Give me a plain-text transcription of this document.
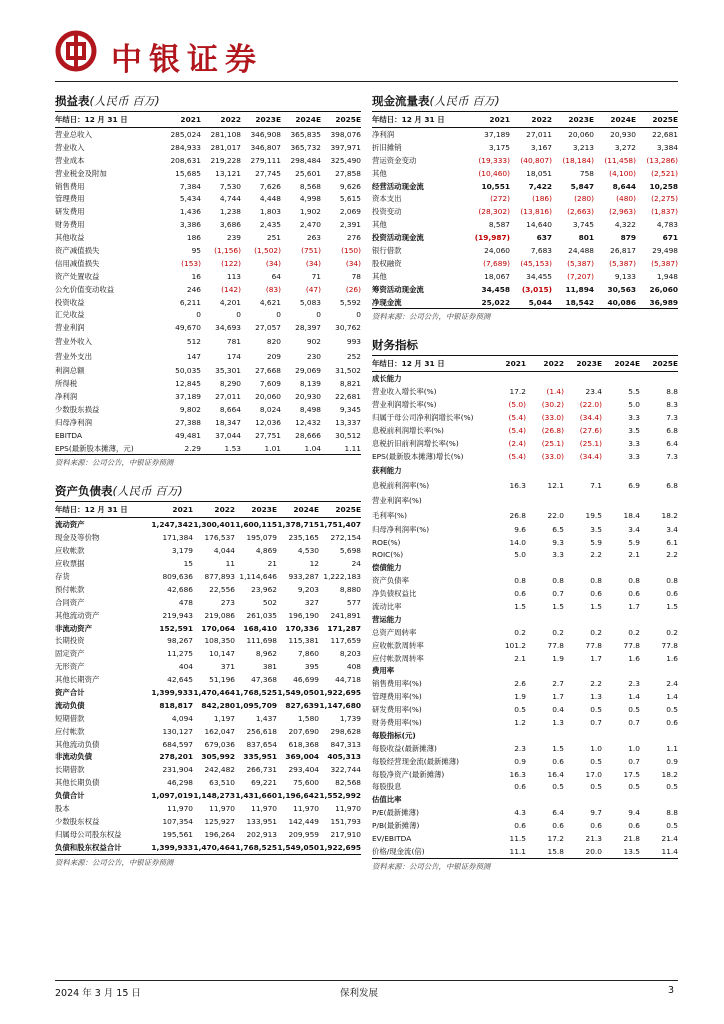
中银证券
损益表(人民币 百万)
年结日：12 月 31 日	2021	2022	2023E	2024E	2025E
营业总收入	285,024	281,108	346,908	365,835	398,076
营业收入	284,933	281,017	346,807	365,732	397,971
营业成本	208,631	219,228	279,111	298,484	325,490
营业税金及附加	15,685	13,121	27,745	25,601	27,858
销售费用	7,384	7,530	7,626	8,568	9,626
管理费用	5,434	4,744	4,448	4,998	5,615
研发费用	1,436	1,238	1,803	1,902	2,069
财务费用	3,386	3,686	2,435	2,470	2,391
其他收益	186	239	251	263	276
资产减值损失	95	(1,156)	(1,502)	(751)	(150)
信用减值损失	(153)	(122)	(34)	(34)	(34)
资产处置收益	16	113	64	71	78
公允价值变动收益	246	(142)	(83)	(47)	(26)
投资收益	6,211	4,201	4,621	5,083	5,592
汇兑收益	0	0	0	0	0
营业利润	49,670	34,693	27,057	28,397	30,762
营业外收入	512	781	820	902	993
营业外支出	147	174	209	230	252
利润总额	50,035	35,301	27,668	29,069	31,502
所得税	12,845	8,290	7,609	8,139	8,821
净利润	37,189	27,011	20,060	20,930	22,681
少数股东损益	9,802	8,664	8,024	8,498	9,345
归母净利润	27,388	18,347	12,036	12,432	13,337
EBITDA	49,481	37,044	27,751	28,666	30,512
EPS(最新股本摊薄，元)	2.29	1.53	1.01	1.04	1.11
资料来源：公司公告，中银证券预测
资产负债表(人民币 百万)
年结日：12 月 31 日	2021	2022	2023E	2024E	2025E
流动资产	1,247,342	1,300,401	1,600,115	1,378,715	1,751,407
现金及等价物	171,384	176,537	195,079	235,165	272,154
应收帐款	3,179	4,044	4,869	4,530	5,698
应收票据	15	11	21	12	24
存货	809,636	877,893	1,114,646	933,287	1,222,183
预付帐款	42,686	22,556	23,962	9,203	8,880
合同资产	478	273	502	327	577
其他流动资产	219,943	219,086	261,035	196,190	241,891
非流动资产	152,591	170,064	168,410	170,336	171,287
长期投资	98,267	108,350	111,698	115,381	117,659
固定资产	11,275	10,147	8,962	7,860	8,203
无形资产	404	371	381	395	408
其他长期资产	42,645	51,196	47,368	46,699	44,718
资产合计	1,399,933	1,470,464	1,768,525	1,549,050	1,922,695
流动负债	818,817	842,280	1,095,709	827,639	1,147,680
短期借款	4,094	1,197	1,437	1,580	1,739
应付帐款	130,127	162,047	256,618	207,690	298,628
其他流动负债	684,597	679,036	837,654	618,368	847,313
非流动负债	278,201	305,992	335,951	369,004	405,313
长期借款	231,904	242,482	266,731	293,404	322,744
其他长期负债	46,298	63,510	69,221	75,600	82,568
负债合计	1,097,019	1,148,273	1,431,660	1,196,642	1,552,992
股本	11,970	11,970	11,970	11,970	11,970
少数股东权益	107,354	125,927	133,951	142,449	151,793
归属母公司股东权益	195,561	196,264	202,913	209,959	217,910
负债和股东权益合计	1,399,933	1,470,464	1,768,525	1,549,050	1,922,695
资料来源：公司公告，中银证券预测
现金流量表(人民币 百万)
年结日：12 月 31 日	2021	2022	2023E	2024E	2025E
净利润	37,189	27,011	20,060	20,930	22,681
折旧摊销	3,175	3,167	3,213	3,272	3,384
营运资金变动	(19,333)	(40,807)	(18,184)	(11,458)	(13,286)
其他	(10,460)	18,051	758	(4,100)	(2,521)
经营活动现金流	10,551	7,422	5,847	8,644	10,258
资本支出	(272)	(186)	(280)	(480)	(2,275)
投资变动	(28,302)	(13,816)	(2,663)	(2,963)	(1,837)
其他	8,587	14,640	3,745	4,322	4,783
投资活动现金流	(19,987)	637	801	879	671
银行借款	24,060	7,683	24,488	26,817	29,498
股权融资	(7,689)	(45,153)	(5,387)	(5,387)	(5,387)
其他	18,067	34,455	(7,207)	9,133	1,948
筹资活动现金流	34,458	(3,015)	11,894	30,563	26,060
净现金流	25,022	5,044	18,542	40,086	36,989
资料来源：公司公告，中银证券预测
财务指标
年结日：12 月 31 日	2021	2022	2023E	2024E	2025E
成长能力					
营业收入增长率(%)	17.2	(1.4)	23.4	5.5	8.8
营业利润增长率(%)	(5.0)	(30.2)	(22.0)	5.0	8.3
归属于母公司净利润增长率(%)	(5.4)	(33.0)	(34.4)	3.3	7.3
息税前利润增长率(%)	(5.4)	(26.8)	(27.6)	3.5	6.8
息税折旧前利润增长率(%)	(2.4)	(25.1)	(25.1)	3.3	6.4
EPS(最新股本摊薄)增长(%)	(5.4)	(33.0)	(34.4)	3.3	7.3
获利能力					
息税前利润率(%)	16.3	12.1	7.1	6.9	6.8
营业利润率(%)					
毛利率(%)	26.8	22.0	19.5	18.4	18.2
归母净利润率(%)	9.6	6.5	3.5	3.4	3.4
ROE(%)	14.0	9.3	5.9	5.9	6.1
ROIC(%)	5.0	3.3	2.2	2.1	2.2
偿债能力					
资产负债率	0.8	0.8	0.8	0.8	0.8
净负债权益比	0.6	0.7	0.6	0.6	0.6
流动比率	1.5	1.5	1.5	1.7	1.5
营运能力					
总资产周转率	0.2	0.2	0.2	0.2	0.2
应收帐款周转率	101.2	77.8	77.8	77.8	77.8
应付帐款周转率	2.1	1.9	1.7	1.6	1.6
费用率					
销售费用率(%)	2.6	2.7	2.2	2.3	2.4
管理费用率(%)	1.9	1.7	1.3	1.4	1.4
研发费用率(%)	0.5	0.4	0.5	0.5	0.5
财务费用率(%)	1.2	1.3	0.7	0.7	0.6
每股指标(元)					
每股收益(最新摊薄)	2.3	1.5	1.0	1.0	1.1
每股经营现金流(最新摊薄)	0.9	0.6	0.5	0.7	0.9
每股净资产(最新摊薄)	16.3	16.4	17.0	17.5	18.2
每股股息	0.6	0.5	0.5	0.5	0.5
估值比率					
P/E(最新摊薄)	4.3	6.4	9.7	9.4	8.8
P/B(最新摊薄)	0.6	0.6	0.6	0.6	0.5
EV/EBITDA	11.5	17.2	21.3	21.8	21.4
价格/现金流(倍)	11.1	15.8	20.0	13.5	11.4
资料来源：公司公告，中银证券预测
2024 年 3 月 15 日	保利发展	3
